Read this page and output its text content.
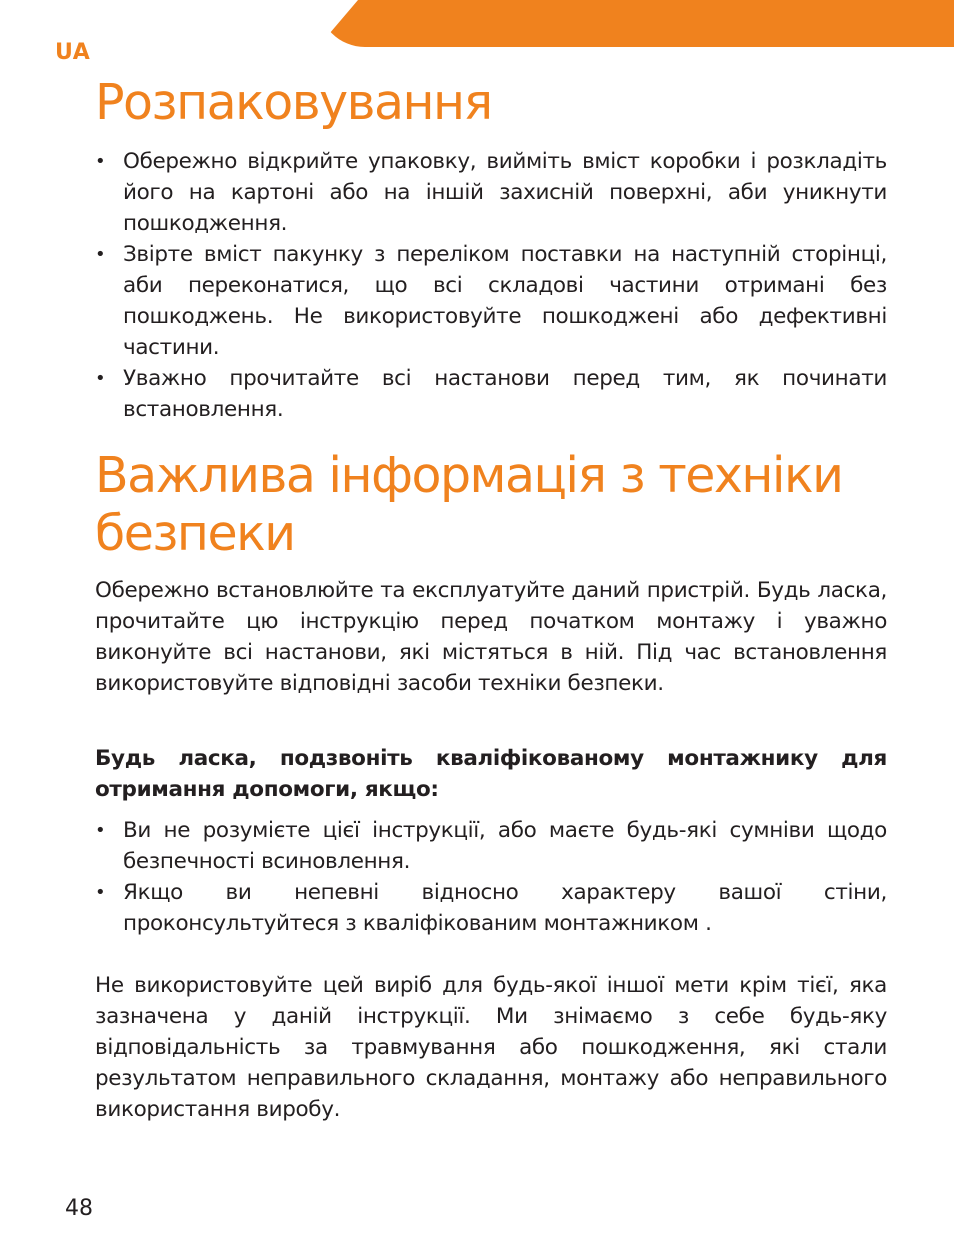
UA
Розпаковування
• Обережно відкрийте упаковку, вийміть вміст коробки і розкладіть його на картоні або на іншій захисній поверхні, аби уникнути пошкодження.
• Звірте вміст пакунку з переліком поставки на наступній сторінці, аби переконатися, що всі складові частини отримані без пошкоджень. Не використовуйте пошкоджені або дефективні частини.
• Уважно прочитайте всі настанови перед тим, як починати встановлення.
Важлива інформація з техніки
безпеки

Обережно встановлюйте та експлуатуйте даний пристрій. Будь ласка, прочитайте цю інструкцію перед початком монтажу і уважно виконуйте всі настанови, які містяться в ній. Під час встановлення використовуйте відповідні засоби техніки безпеки.

Будь ласка, подзвоніть кваліфікованому монтажнику для отримання допомоги, якщо:

• Ви не розумієте цієї інструкції, або маєте будь-які сумніви щодо безпечності всиновлення.
• Якщо ви непевні відносно характеру вашої стіни, проконсультуйтеся з кваліфікованим монтажником .

Не використовуйте цей виріб для будь-якої іншої мети крім тієї, яка зазначена у даній інструкції. Ми знімаємо з себе будь-яку відповідальність за травмування або пошкодження, які стали результатом неправильного складання, монтажу або неправильного використання виробу.

48
